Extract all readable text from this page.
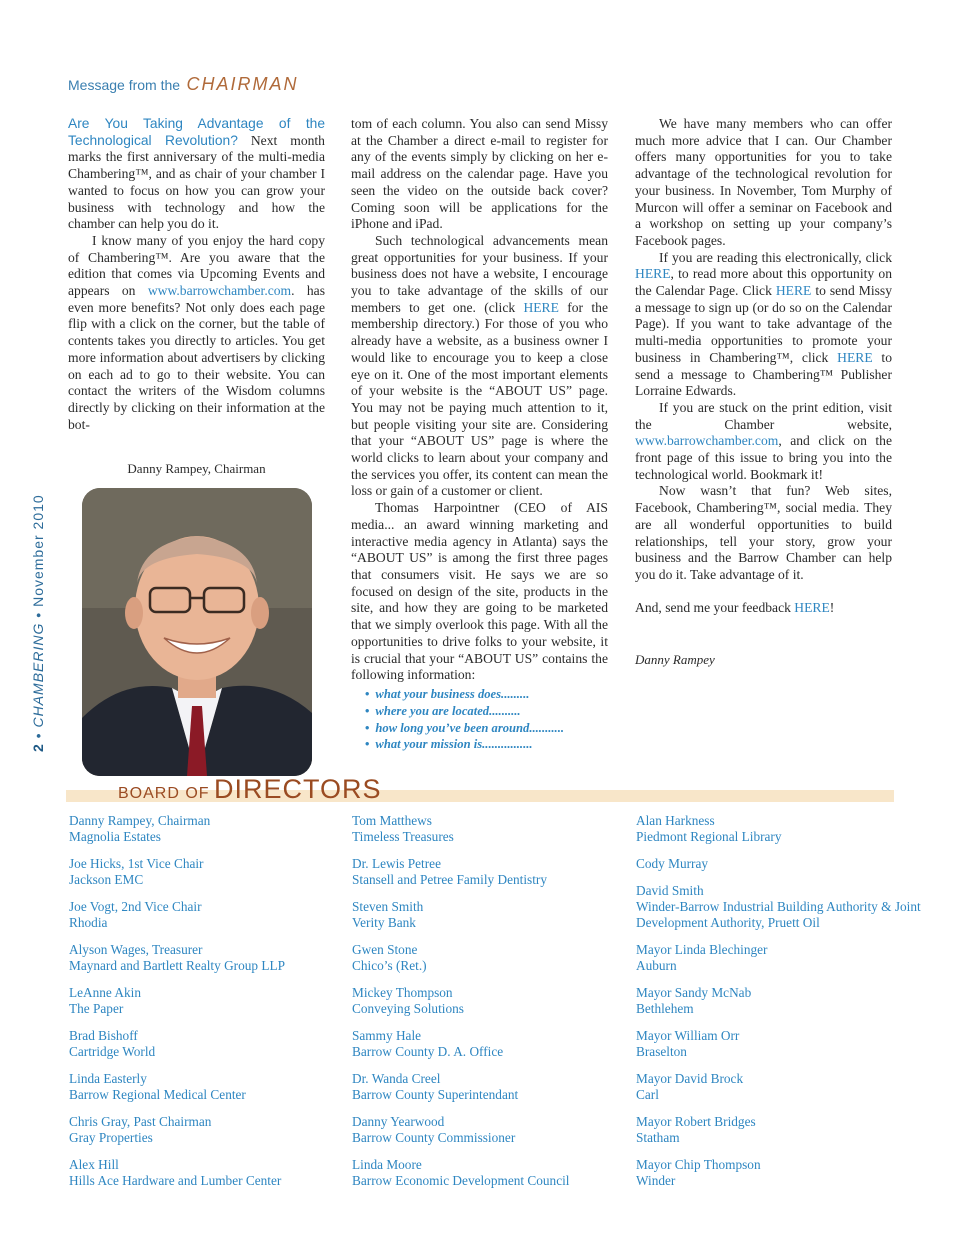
2 • CHAMBERING • November 2010
Message from the CHAIRMAN

Are You Taking Advantage of the Technological Revolution? Next month marks the first anniversary of the multi-media Chambering™, and as chair of your chamber I wanted to focus on how you can grow your business with technology and how the chamber can help you do it.

I know many of you enjoy the hard copy of Chambering™. Are you aware that the edition that comes via Upcoming Events and appears on www.barrowchamber.com. has even more benefits? Not only does each page flip with a click on the corner, but the table of contents takes you directly to articles. You get more information about advertisers by clicking on each ad to go to their website. You can contact the writers of the Wisdom columns directly by clicking on their information at the bot-

Danny Rampey, Chairman

tom of each column. You also can send Missy at the Chamber a direct e-mail to register for any of the events simply by clicking on her e-mail address on the calendar page. Have you seen the video on the outside back cover? Coming soon will be applications for the iPhone and iPad.

Such technological advancements mean great opportunities for your business. If your business does not have a website, I encourage you to take advantage of the skills of our members to get one. (click HERE for the membership directory.) For those of you who already have a website, as a business owner I would like to encourage you to keep a close eye on it. One of the most important elements of your website is the “ABOUT US” page. You may not be paying much attention to it, but people visiting your site are. Considering that your “ABOUT US” page is where the world clicks to learn about your company and the services you offer, its content can mean the loss or gain of a customer or client.

Thomas Harpointner (CEO of AIS media... an award winning marketing and interactive media agency in Atlanta) says the “ABOUT US” is among the first three pages that consumers visit. He says we are so focused on design of the site, products in the site, and how they are going to be marketed that we simply overlook this page. With all the opportunities to drive folks to your website, it is crucial that your “ABOUT US” contains the following information:

• what your business does.........
• where you are located..........
• how long you’ve been around...........
• what your mission is................

We have many members who can offer much more advice that I can. Our Chamber offers many opportunities for you to take advantage of the technological revolution for your business. In November, Tom Murphy of Murcon will offer a seminar on Facebook and a workshop on setting up your company’s Facebook pages.

If you are reading this electronically, click HERE, to read more about this opportunity on the Calendar Page. Click HERE to send Missy a message to sign up (or do so on the Calendar Page). If you want to take advantage of the multi-media opportunities to promote your business in Chambering™, click HERE to send a message to Chambering™ Publisher Lorraine Edwards.

If you are stuck on the print edition, visit the Chamber website, www.barrowchamber.com, and click on the front page of this issue to bring you into the technological world. Bookmark it!

Now wasn’t that fun? Web sites, Facebook, Chambering™, social media. They are all wonderful opportunities to build relationships, tell your story, grow your business and the Barrow Chamber can help you do it. Take advantage of it.

And, send me your feedback HERE!

Danny Rampey
BOARD OF DIRECTORS
Danny Rampey, Chairman
Magnolia Estates
Joe Hicks, 1st Vice Chair
Jackson EMC
Joe Vogt, 2nd Vice Chair
Rhodia
Alyson Wages, Treasurer
Maynard and Bartlett Realty Group LLP
LeAnne Akin
The Paper
Brad Bishoff
Cartridge World
Linda Easterly
Barrow Regional Medical Center
Chris Gray, Past Chairman
Gray Properties
Alex Hill
Hills Ace Hardware and Lumber Center
Tom Matthews
Timeless Treasures
Dr. Lewis Petree
Stansell and Petree Family Dentistry
Steven Smith
Verity Bank
Gwen Stone
Chico’s (Ret.)
Mickey Thompson
Conveying Solutions
Sammy Hale
Barrow County D. A. Office
Dr. Wanda Creel
Barrow County Superintendant
Danny Yearwood
Barrow County Commissioner
Linda Moore
Barrow Economic Development Council
Alan Harkness
Piedmont Regional Library
Cody Murray
David Smith
Winder-Barrow Industrial Building Authority & Joint Development Authority, Pruett Oil
Mayor Linda Blechinger
Auburn
Mayor Sandy McNab
Bethlehem
Mayor William Orr
Braselton
Mayor David Brock
Carl
Mayor Robert Bridges
Statham
Mayor Chip Thompson
Winder
